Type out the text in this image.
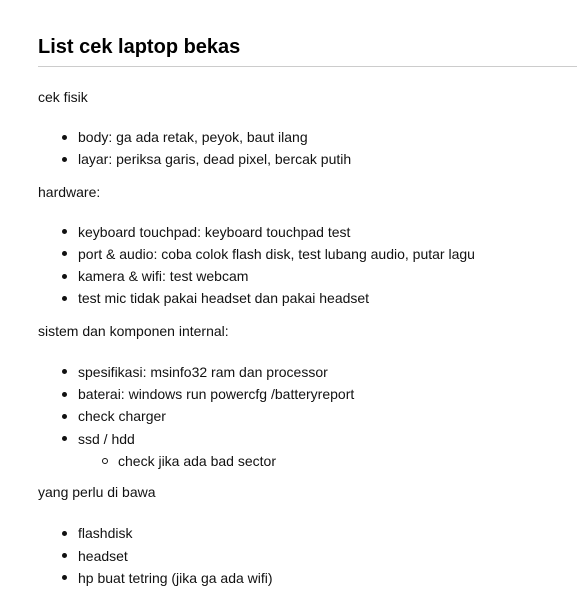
List cek laptop bekas

cek fisik

body: ga ada retak, peyok, baut ilang
layar: periksa garis, dead pixel, bercak putih

hardware:

keyboard touchpad: keyboard touchpad test
port & audio: coba colok flash disk, test lubang audio, putar lagu
kamera & wifi: test webcam
test mic tidak pakai headset dan pakai headset

sistem dan komponen internal:

spesifikasi: msinfo32 ram dan processor
baterai: windows run powercfg /batteryreport
check charger
ssd / hdd
check jika ada bad sector

yang perlu di bawa

flashdisk
headset
hp buat tetring (jika ga ada wifi)
